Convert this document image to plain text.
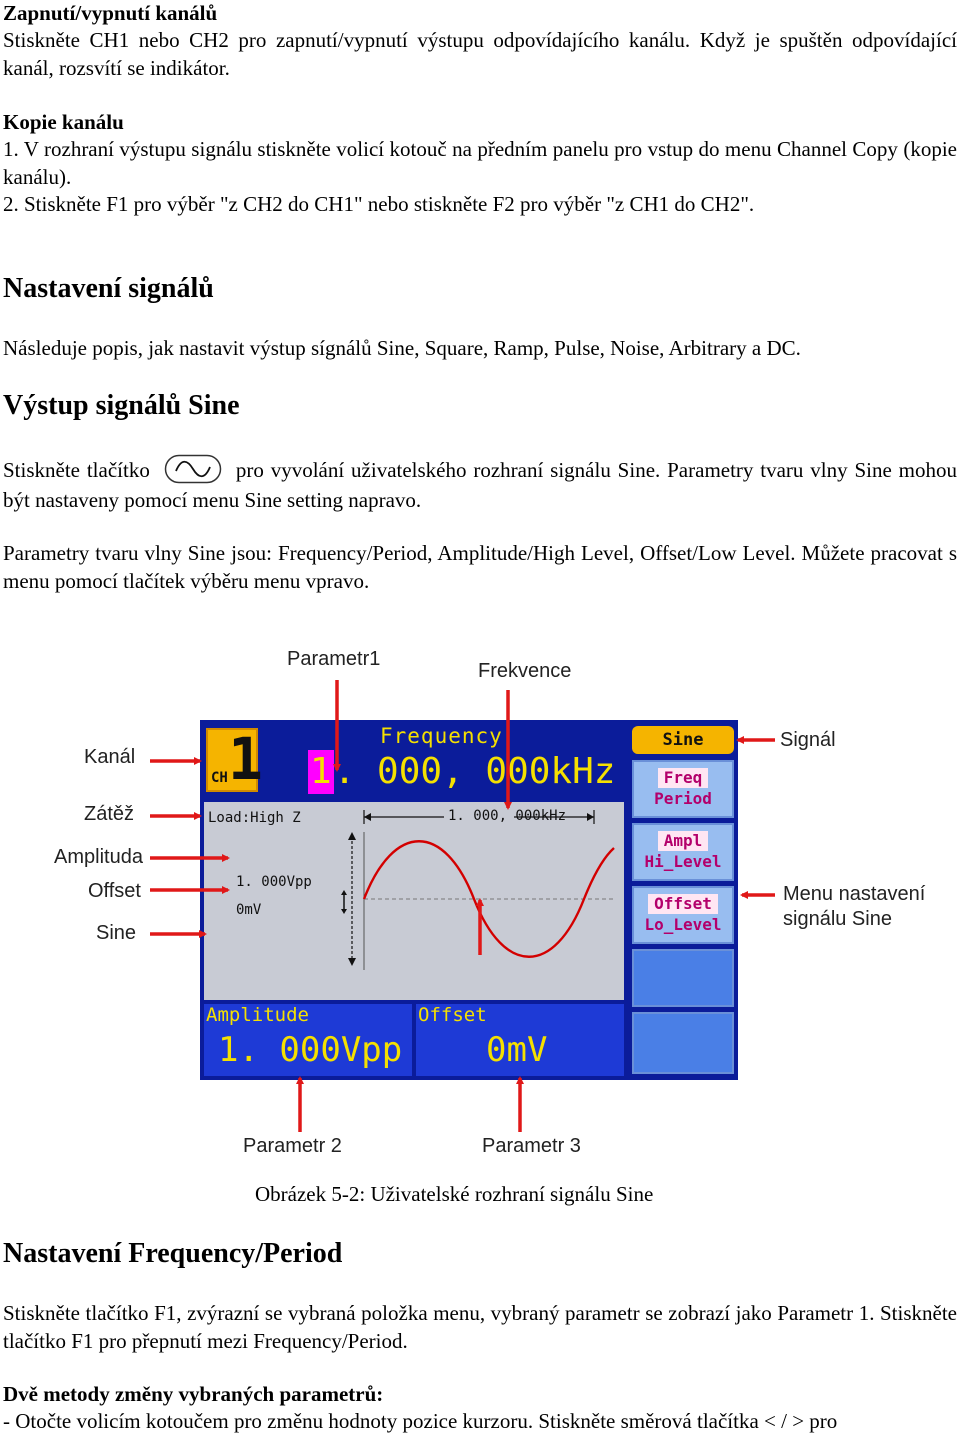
Zapnutí/vypnutí kanálů

Stiskněte CH1 nebo CH2 pro zapnutí/vypnutí výstupu odpovídajícího kanálu. Když je spuštěn odpovídající kanál, rozsvítí se indikátor.

Kopie kanálu

1. V rozhraní výstupu signálu stiskněte volicí kotouč na předním panelu pro vstup do menu Channel Copy (kopie kanálu).

2. Stiskněte F1 pro výběr "z CH2 do CH1" nebo stiskněte F2 pro výběr "z CH1 do CH2".

Nastavení signálů

Následuje popis, jak nastavit výstup sígnálů Sine, Square, Ramp, Pulse, Noise, Arbitrary a DC.

Výstup signálů Sine

Stiskněte tlačítko	pro vyvolání uživatelského rozhraní signálu Sine. Parametry tvaru vlny Sine mohou být nastaveny pomocí menu Sine setting napravo.

Parametry tvaru vlny Sine jsou: Frequency/Period, Amplitude/High Level, Offset/Low Level. Můžete pracovat s menu pomocí tlačítek výběru menu vpravo.

Parametr1
Frekvence
Kanál
Zátěž
Amplituda
Offset
Sine
Signál
Menu nastavení
signálu Sine
Parametr 2	Parametr 3
1
CH
Frequency
1. 000, 000kHz
Load:High Z	1. 000, 000kHz
1. 000Vpp
0mV
Amplitude
1. 000Vpp
Offset
0mV
Sine
Freq
Period
Ampl
Hi_Level
Offset
Lo_Level
Obrázek 5-2: Uživatelské rozhraní signálu Sine
Nastavení Frequency/Period

Stiskněte tlačítko F1, zvýrazní se vybraná položka menu, vybraný parametr se zobrazí jako Parametr 1. Stiskněte tlačítko F1 pro přepnutí mezi Frequency/Period.

Dvě metody změny vybraných parametrů:

- Otočte volicím kotoučem pro změnu hodnoty pozice kurzoru. Stiskněte směrová tlačítka < / > pro
